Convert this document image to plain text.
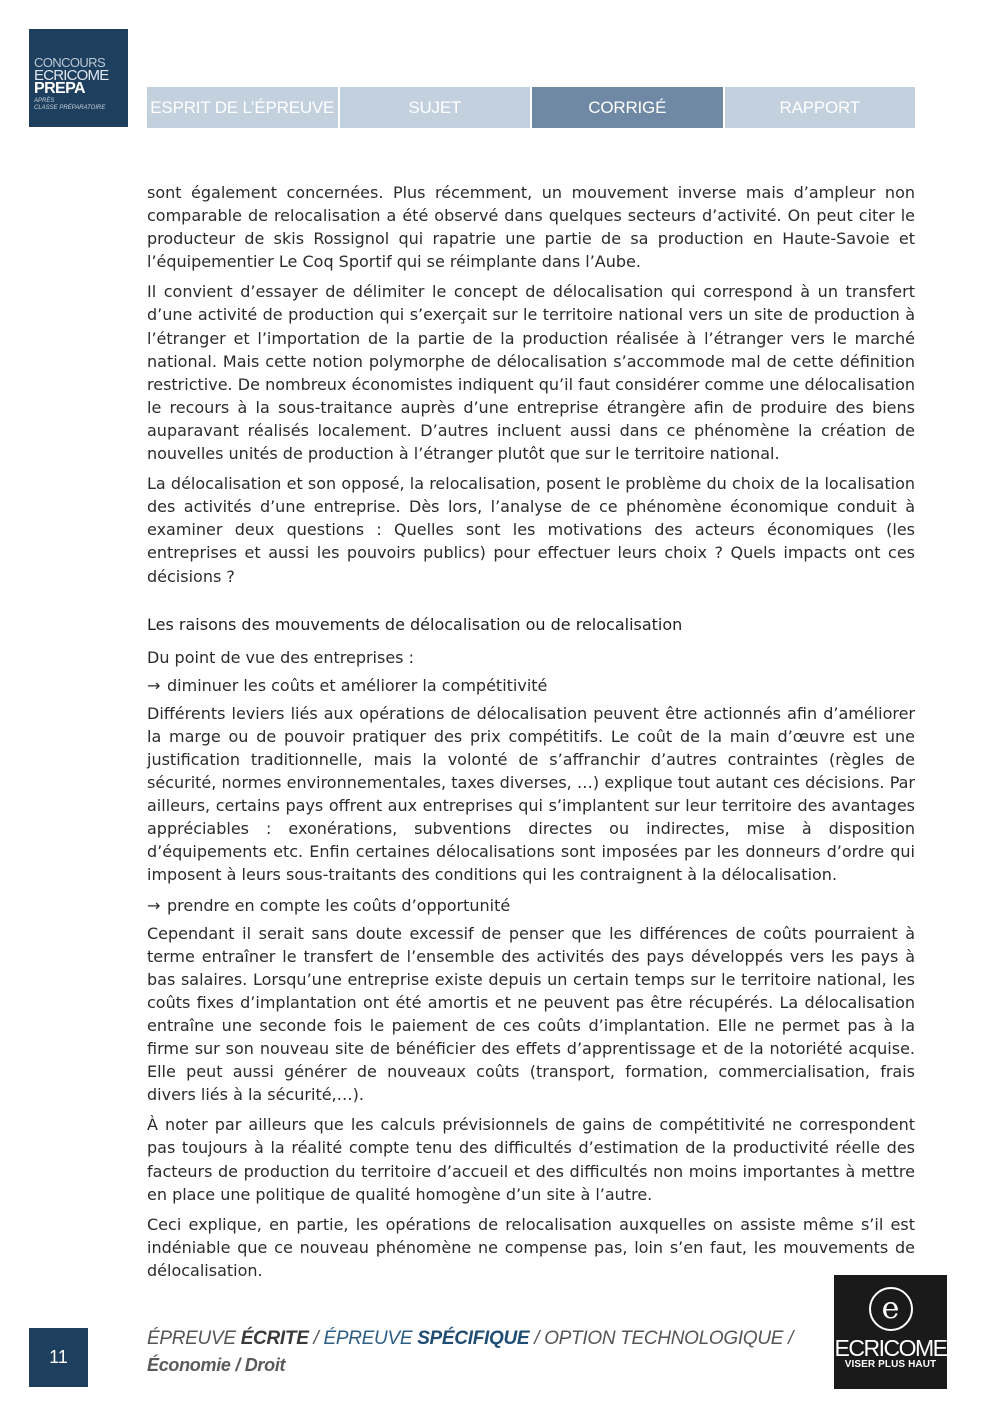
CONCOURS
ECRICOME
PREPA
APRÈS
CLASSE PRÉPARATOIRE	ESPRIT DE L’ÉPREUVE	SUJET	CORRIGÉ	RAPPORT

sont également concernées. Plus récemment, un mouvement inverse mais d’ampleur non comparable de relocalisation a été observé dans quelques secteurs d’activité. On peut citer le producteur de skis Rossignol qui rapatrie une partie de sa production en Haute-Savoie et l’équipementier Le Coq Sportif qui se réimplante dans l’Aube.

Il convient d’essayer de délimiter le concept de délocalisation qui correspond à un transfert d’une activité de production qui s’exerçait sur le territoire national vers un site de production à l’étranger et l’importation de la partie de la production réalisée à l’étranger vers le marché national. Mais cette notion polymorphe de délocalisation s’accommode mal de cette définition restrictive. De nombreux économistes indiquent qu’il faut considérer comme une délocalisation le recours à la sous-traitance auprès d’une entreprise étrangère afin de produire des biens auparavant réalisés localement. D’autres incluent aussi dans ce phénomène la création de nouvelles unités de production à l’étranger plutôt que sur le territoire national.

La délocalisation et son opposé, la relocalisation, posent le problème du choix de la localisation des activités d’une entreprise. Dès lors, l’analyse de ce phénomène économique conduit à examiner deux questions : Quelles sont les motivations des acteurs économiques (les entreprises et aussi les pouvoirs publics) pour effectuer leurs choix ? Quels impacts ont ces décisions ?

Les raisons des mouvements de délocalisation ou de relocalisation

Du point de vue des entreprises :

→ diminuer les coûts et améliorer la compétitivité

Différents leviers liés aux opérations de délocalisation peuvent être actionnés afin d’améliorer la marge ou de pouvoir pratiquer des prix compétitifs. Le coût de la main d’œuvre est une justification traditionnelle, mais la volonté de s’affranchir d’autres contraintes (règles de sécurité, normes environnementales, taxes diverses, …) explique tout autant ces décisions. Par ailleurs, certains pays offrent aux entreprises qui s’implantent sur leur territoire des avantages appréciables : exonérations, subventions directes ou indirectes, mise à disposition d’équipements etc. Enfin certaines délocalisations sont imposées par les donneurs d’ordre qui imposent à leurs sous-traitants des conditions qui les contraignent à la délocalisation.

→ prendre en compte les coûts d’opportunité

Cependant il serait sans doute excessif de penser que les différences de coûts pourraient à terme entraîner le transfert de l’ensemble des activités des pays développés vers les pays à bas salaires. Lorsqu’une entreprise existe depuis un certain temps sur le territoire national, les coûts fixes d’implantation ont été amortis et ne peuvent pas être récupérés. La délocalisation entraîne une seconde fois le paiement de ces coûts d’implantation. Elle ne permet pas à la firme sur son nouveau site de bénéficier des effets d’apprentissage et de la notoriété acquise. Elle peut aussi générer de nouveaux coûts (transport, formation, commercialisation, frais divers liés à la sécurité,…).

À noter par ailleurs que les calculs prévisionnels de gains de compétitivité ne correspondent pas toujours à la réalité compte tenu des difficultés d’estimation de la productivité réelle des facteurs de production du territoire d’accueil et des difficultés non moins importantes à mettre en place une politique de qualité homogène d’un site à l’autre.

Ceci explique, en partie, les opérations de relocalisation auxquelles on assiste même s’il est indéniable que ce nouveau phénomène ne compense pas, loin s’en faut, les mouvements de délocalisation.

11
ÉPREUVE ÉCRITE / ÉPREUVE SPÉCIFIQUE / OPTION TECHNOLOGIQUE /
Économie / Droit
e
ECRICOME
VISER PLUS HAUT
